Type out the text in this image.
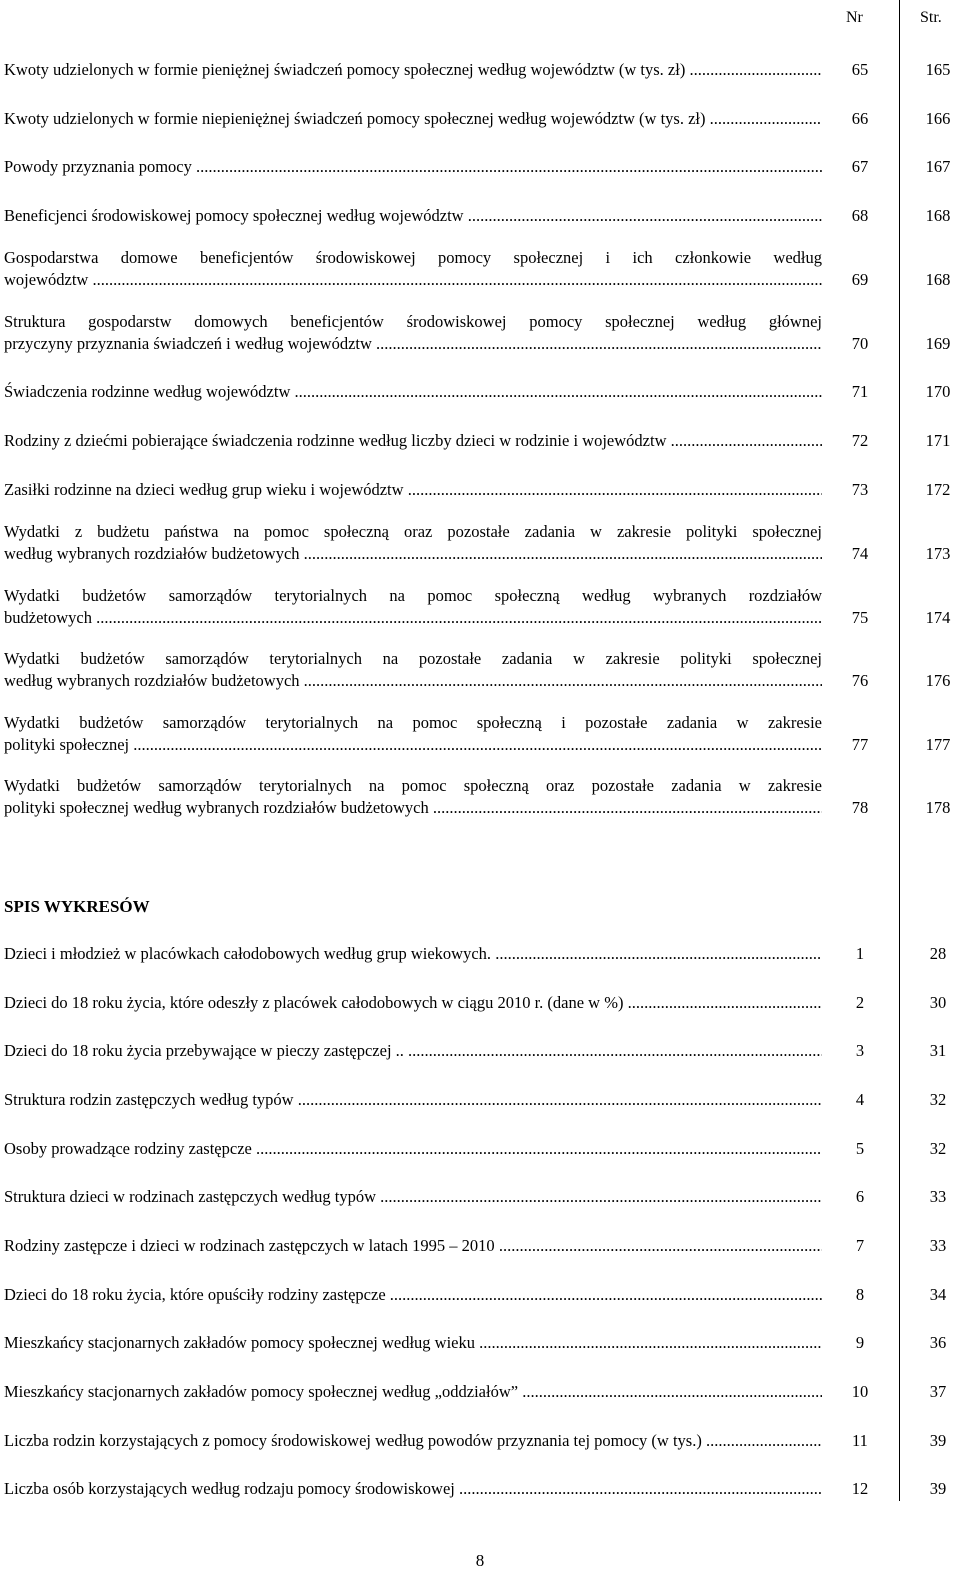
Nr	Str.
Kwoty udzielonych w formie pieniężnej świadczeń pomocy społecznej według województw (w tys. zł) .....	65	165
Kwoty udzielonych w formie niepieniężnej świadczeń pomocy społecznej według województw (w tys. zł) .....	66	166
Powody przyznania pomocy .....	67	167
Beneficjenci środowiskowej pomocy społecznej według województw .....	68	168
Gospodarstwa domowe beneficjentów środowiskowej pomocy społecznej i ich członkowie według
województw .....	69	168
Struktura gospodarstw domowych beneficjentów środowiskowej pomocy społecznej według głównej
przyczyny przyznania świadczeń i według województw .....	70	169
Świadczenia rodzinne według województw .....	71	170
Rodziny z dziećmi pobierające świadczenia rodzinne według liczby dzieci w rodzinie i województw .....	72	171
Zasiłki rodzinne na dzieci według grup wieku i województw .....	73	172
Wydatki z budżetu państwa na pomoc społeczną oraz pozostałe zadania w zakresie polityki społecznej
według wybranych rozdziałów budżetowych .....	74	173
Wydatki budżetów samorządów terytorialnych na pomoc społeczną według wybranych rozdziałów
budżetowych .....	75	174
Wydatki budżetów samorządów terytorialnych na pozostałe zadania w zakresie polityki społecznej
według wybranych rozdziałów budżetowych .....	76	176
Wydatki budżetów samorządów terytorialnych na pomoc społeczną i pozostałe zadania w zakresie
polityki społecznej .....	77	177
Wydatki budżetów samorządów terytorialnych na pomoc społeczną oraz pozostałe zadania w zakresie
polityki społecznej według wybranych rozdziałów budżetowych .....	78	178
SPIS WYKRESÓW
Dzieci i młodzież w placówkach całodobowych według grup wiekowych. .....	1	28
Dzieci do 18 roku życia, które odeszły z placówek całodobowych w ciągu 2010 r. (dane w %) .....	2	30
Dzieci do 18 roku życia przebywające w pieczy zastępczej .. .....	3	31
Struktura rodzin zastępczych według typów .....	4	32
Osoby prowadzące rodziny zastępcze .....	5	32
Struktura dzieci w rodzinach zastępczych według typów .....	6	33
Rodziny zastępcze i dzieci w rodzinach zastępczych w latach 1995 – 2010 .....	7	33
Dzieci do 18 roku życia, które opuściły rodziny zastępcze .....	8	34
Mieszkańcy stacjonarnych zakładów pomocy społecznej według wieku .....	9	36
Mieszkańcy stacjonarnych zakładów pomocy społecznej według „oddziałów” .....	10	37
Liczba rodzin korzystających z pomocy środowiskowej według powodów przyznania tej pomocy (w tys.) .....	11	39
Liczba osób korzystających według rodzaju pomocy środowiskowej .....	12	39
8
